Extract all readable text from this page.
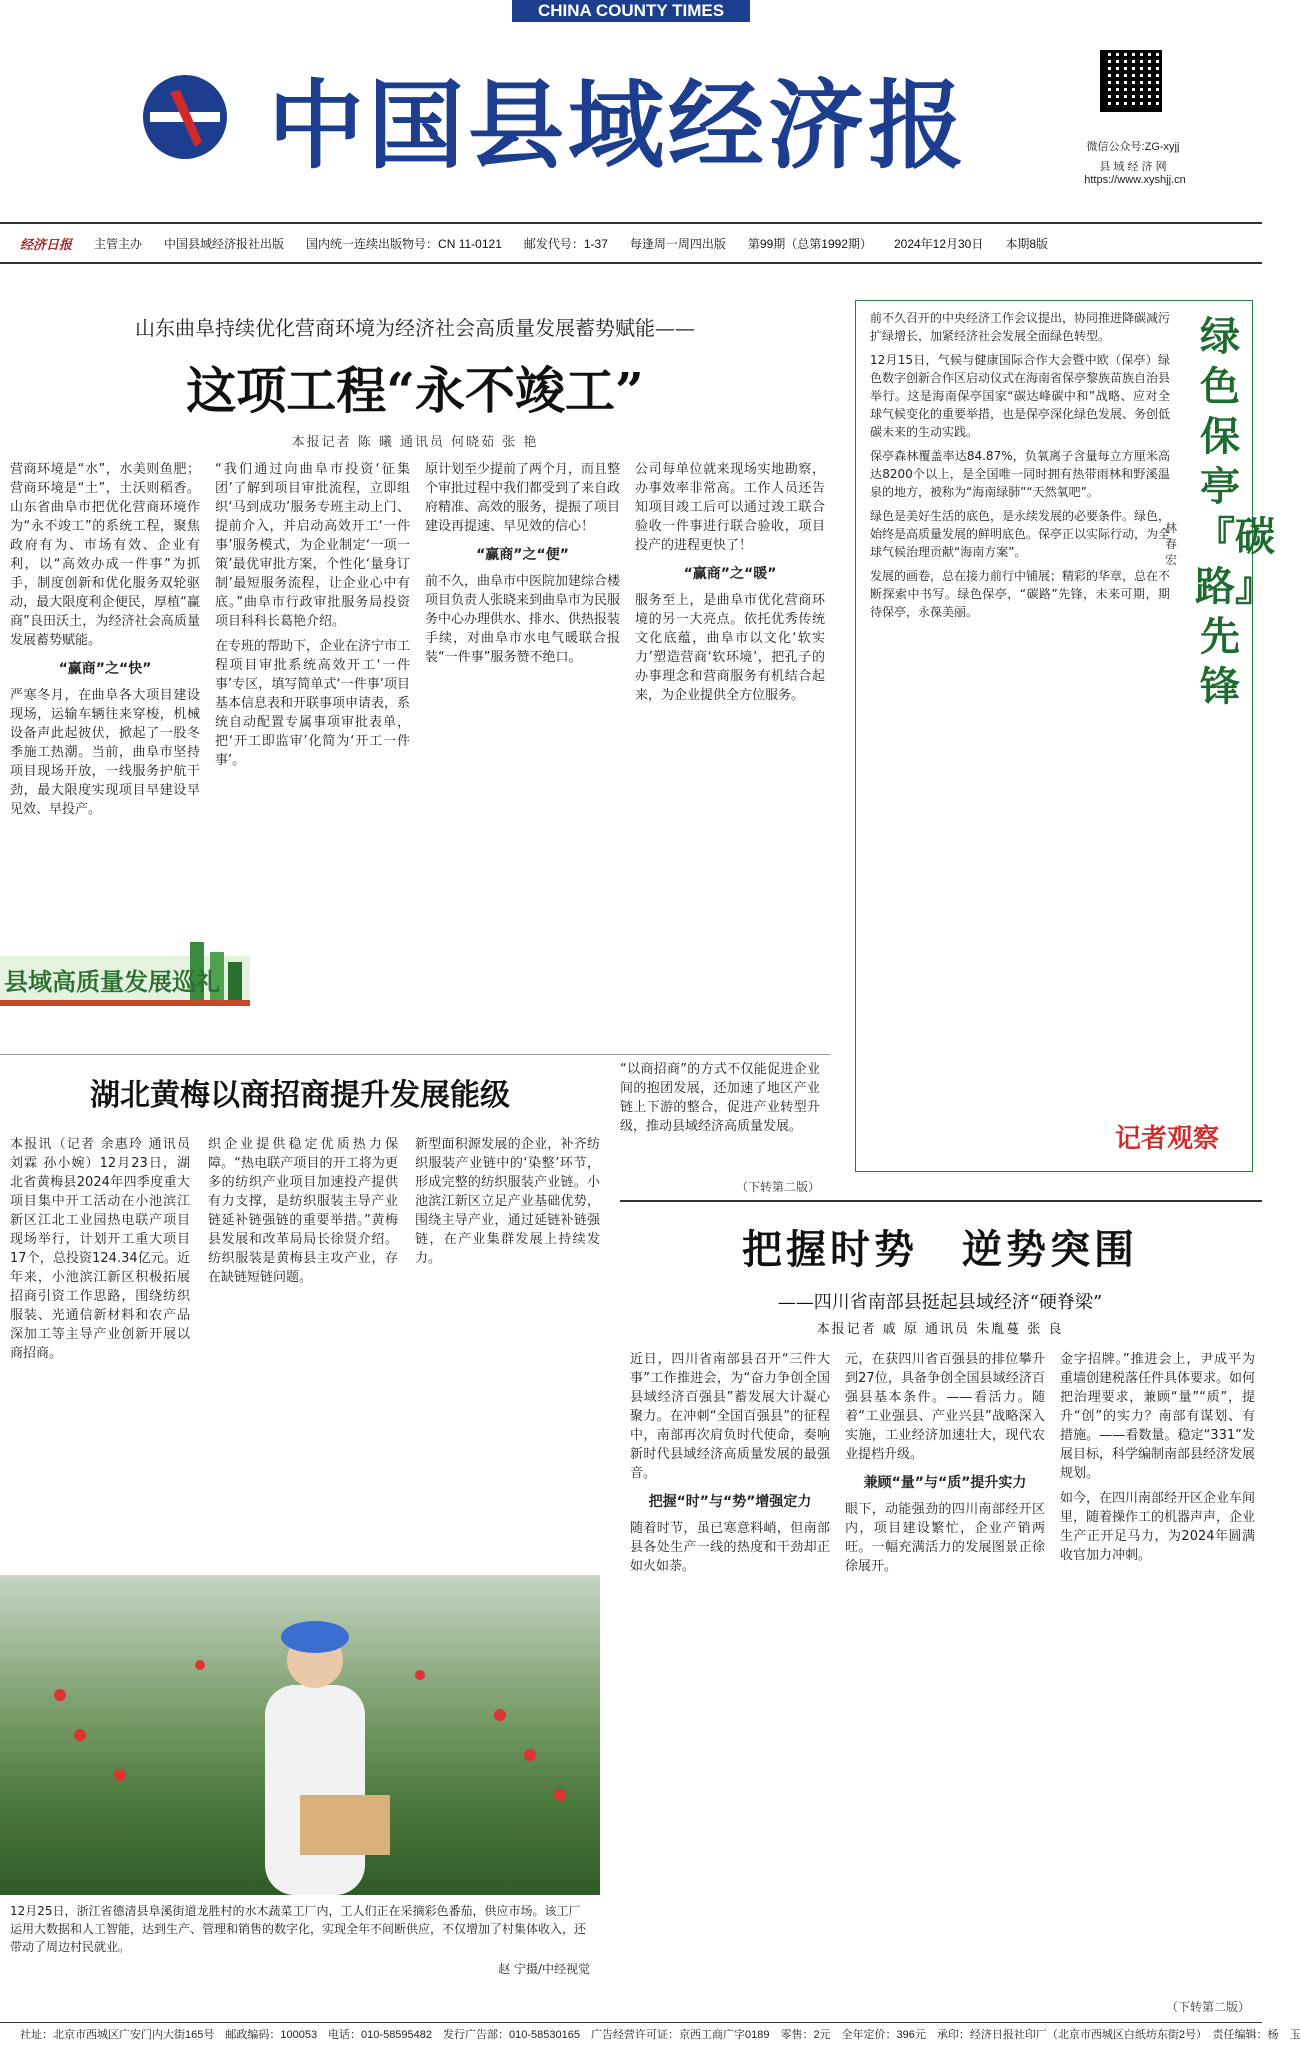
CHINA COUNTY TIMES
中国县域经济报	微信公众号:ZG-xyjj
县 域 经 济 网
https://www.xyshjj.cn
经济日报 主管主办 中国县域经济报社出版 国内统一连续出版物号：CN 11-0121 邮发代号：1-37 每逢周一周四出版 第99期（总第1992期） 2024年12月30日 本期8版
山东曲阜持续优化营商环境为经济社会高质量发展蓄势赋能——
这项工程“永不竣工”
本报记者 陈 曦 通讯员 何晓茹 张 艳
营商环境是“水”，水美则鱼肥；营商环境是“土”，土沃则稻香。山东省曲阜市把优化营商环境作为“永不竣工”的系统工程，聚焦政府有为、市场有效、企业有利，以“高效办成一件事”为抓手，制度创新和优化服务双轮驱动，最大限度利企便民，厚植“赢商”良田沃土，为经济社会高质量发展蓄势赋能。
“赢商”之“快”
严寒冬月，在曲阜各大项目建设现场，运输车辆往来穿梭，机械设备声此起彼伏，掀起了一股冬季施工热潮。当前，曲阜市坚持项目现场开放，一线服务护航干劲，最大限度实现项目早建设早见效、早投产。
“我们通过向曲阜市投资‘征集团’了解到项目审批流程，立即组织‘马到成功’服务专班主动上门、提前介入，并启动高效开工‘一件事’服务模式，为企业制定‘一项一策’最优审批方案，个性化‘量身订制’最短服务流程，让企业心中有底。”曲阜市行政审批服务局投资项目科科长葛艳介绍。
在专班的帮助下，企业在济宁市工程项目审批系统高效开工‘一件事’专区，填写简单式‘一件事’项目基本信息表和开联事项申请表，系统自动配置专属事项审批表单，把‘开工即监审’化简为‘开工一件事’。
原计划至少提前了两个月，而且整个审批过程中我们都受到了来自政府精准、高效的服务，提振了项目建设再提速、早见效的信心！
“赢商”之“便”
前不久，曲阜市中医院加建综合楼项目负责人张晓来到曲阜市为民服务中心办理供水、排水、供热报装手续，对曲阜市水电气暖联合报装“一件事”服务赞不绝口。
公司每单位就来现场实地勘察，办事效率非常高。工作人员还告知项目竣工后可以通过竣工联合验收一件事进行联合验收，项目投产的进程更快了！
“赢商”之“暖”
服务至上，是曲阜市优化营商环境的另一大亮点。依托优秀传统文化底蕴，曲阜市以文化‘软实力’塑造营商‘软环境’，把孔子的办事理念和营商服务有机结合起来，为企业提供全方位服务。
（下转第二版）
县域高质量发展巡礼
湖北黄梅以商招商提升发展能级
本报讯（记者 余惠玲 通讯员 刘霖 孙小婉）12月23日，湖北省黄梅县2024年四季度重大项目集中开工活动在小池滨江新区江北工业园热电联产项目现场举行，计划开工重大项目17个，总投资124.34亿元。近年来，小池滨江新区积极拓展招商引资工作思路，围绕纺织服装、光通信新材料和农产品深加工等主导产业创新开展以商招商。
织企业提供稳定优质热力保障。“热电联产项目的开工将为更多的纺织产业项目加速投产提供有力支撑，是纺织服装主导产业链延补链强链的重要举措。”黄梅县发展和改革局局长徐贤介绍。纺织服装是黄梅县主攻产业，存在缺链短链问题。
新型面积源发展的企业，补齐纺织服装产业链中的‘染整’环节，形成完整的纺织服装产业链。小池滨江新区立足产业基础优势，围绕主导产业，通过延链补链强链，在产业集群发展上持续发力。
“以商招商”的方式不仅能促进企业间的抱团发展，还加速了地区产业链上下游的整合，促进产业转型升级，推动县域经济高质量发展。
12月25日，浙江省德清县阜溪街道龙胜村的水木蔬菜工厂内，工人们正在采摘彩色番茄，供应市场。该工厂运用大数据和人工智能，达到生产、管理和销售的数字化，实现全年不间断供应，不仅增加了村集体收入，还带动了周边村民就业。
赵 宁摄/中经视觉

前不久召开的中央经济工作会议提出，协同推进降碳减污扩绿增长，加紧经济社会发展全面绿色转型。

12月15日，气候与健康国际合作大会暨中欧（保亭）绿色数字创新合作区启动仪式在海南省保亭黎族苗族自治县举行。这是海南保亭国家“碳达峰碳中和”战略、应对全球气候变化的重要举措，也是保亭深化绿色发展、务创低碳未来的生动实践。

保亭森林覆盖率达84.87%，负氧离子含量每立方厘米高达8200个以上，是全国唯一同时拥有热带雨林和野溪温泉的地方，被称为“海南绿肺”“天然氧吧”。

绿色是美好生活的底色，是永续发展的必要条件。绿色，始终是高质量发展的鲜明底色。保亭正以实际行动，为全球气候治理贡献“海南方案”。

发展的画卷，总在接力前行中铺展；精彩的华章，总在不断探索中书写。绿色保亭，“碳路”先锋，未来可期，期待保亭，永葆美丽。

绿色保亭『碳路』先锋
林春宏
记者观察
把握时势　逆势突围
——四川省南部县挺起县域经济“硬脊梁”
本报记者 戚 原 通讯员 朱胤蔓 张 良
近日，四川省南部县召开“三件大事”工作推进会，为“奋力争创全国县域经济百强县”蓄发展大计凝心聚力。在冲刺“全国百强县”的征程中，南部再次肩负时代使命，奏响新时代县域经济高质量发展的最强音。
把握“时”与“势”增强定力
随着时节，虽已寒意料峭，但南部县各处生产一线的热度和干劲却正如火如荼。
元，在获四川省百强县的排位攀升到27位，具备争创全国县域经济百强县基本条件。——看活力。随着“工业强县、产业兴县”战略深入实施，工业经济加速壮大，现代农业提档升级。
兼顾“量”与“质”提升实力
眼下，动能强劲的四川南部经开区内，项目建设繁忙，企业产销两旺。一幅充满活力的发展图景正徐徐展开。
金字招牌。”推进会上，尹成平为重墙创建税落任件具体要求。如何把治理要求，兼顾“量”“质”，提升“创”的实力？南部有谋划、有措施。——看数量。稳定“331”发展目标，科学编制南部县经济发展规划。
如今，在四川南部经开区企业车间里，随着操作工的机器声声，企业生产正开足马力，为2024年圆满收官加力冲刺。
（下转第二版）
社址：北京市西城区广安门内大街165号　邮政编码：100053　电话：010-58595482　发行广告部：010-58530165　广告经营许可证：京西工商广字0189　零售：2元　全年定价：396元　承印：经济日报社印厂（北京市西城区白纸坊东街2号）　责任编辑：杨　玉
